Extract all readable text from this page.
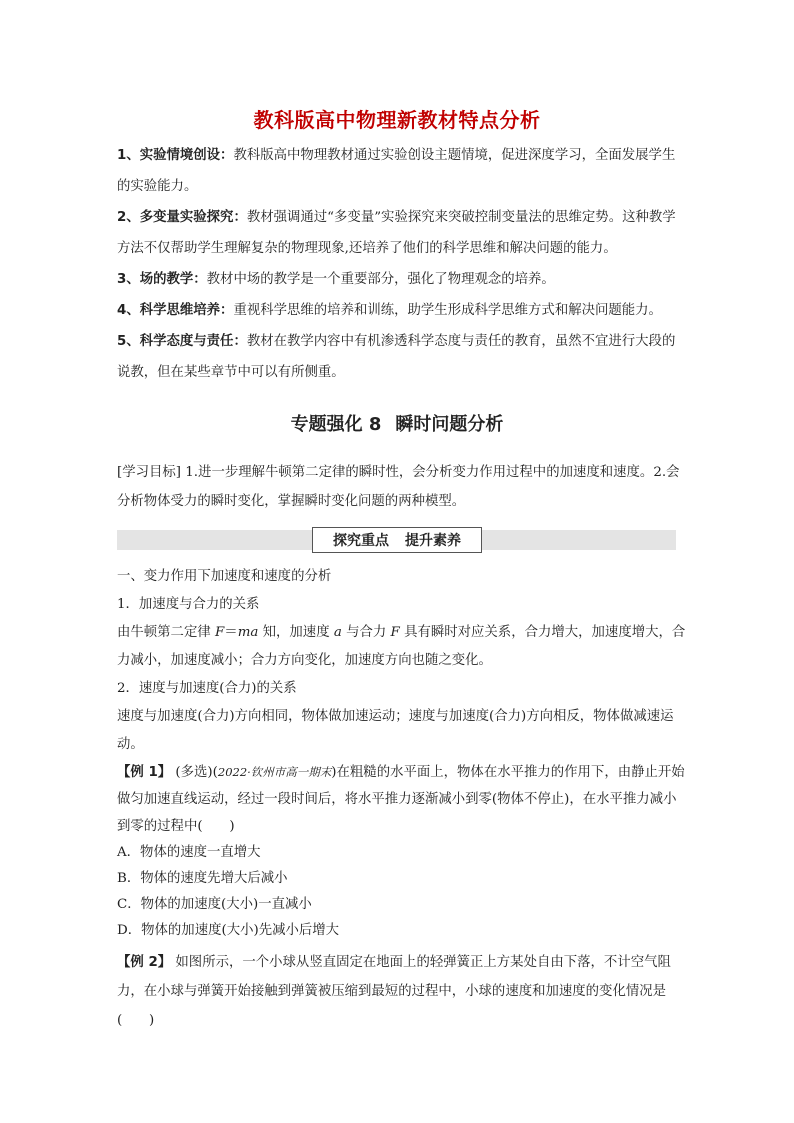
教科版高中物理新教材特点分析
1、实验情境创设：教科版高中物理教材通过实验创设主题情境，促进深度学习，全面发展学生的实验能力。
2、多变量实验探究：教材强调通过“多变量”实验探究来突破控制变量法的思维定势。这种教学方法不仅帮助学生理解复杂的物理现象,还培养了他们的科学思维和解决问题的能力。
3、场的教学：教材中场的教学是一个重要部分，强化了物理观念的培养。
4、科学思维培养：重视科学思维的培养和训练，助学生形成科学思维方式和解决问题能力。
5、科学态度与责任：教材在教学内容中有机渗透科学态度与责任的教育，虽然不宜进行大段的说教，但在某些章节中可以有所侧重。
专题强化 8 瞬时问题分析
[学习目标] 1.进一步理解牛顿第二定律的瞬时性，会分析变力作用过程中的加速度和速度。2.会分析物体受力的瞬时变化，掌握瞬时变化问题的两种模型。
探究重点	提升素养
一、变力作用下加速度和速度的分析
1．加速度与合力的关系
由牛顿第二定律 F＝ma 知，加速度 a 与合力 F 具有瞬时对应关系，合力增大，加速度增大，合力减小，加速度减小；合力方向变化，加速度方向也随之变化。
2．速度与加速度(合力)的关系
速度与加速度(合力)方向相同，物体做加速运动；速度与加速度(合力)方向相反，物体做减速运动。
【例 1】 (多选)(2022·钦州市高一期末)在粗糙的水平面上，物体在水平推力的作用下，由静止开始做匀加速直线运动，经过一段时间后，将水平推力逐渐减小到零(物体不停止)，在水平推力减小到零的过程中(　　)
A．物体的速度一直增大
B．物体的速度先增大后减小
C．物体的加速度(大小)一直减小
D．物体的加速度(大小)先减小后增大
【例 2】 如图所示，一个小球从竖直固定在地面上的轻弹簧正上方某处自由下落，不计空气阻力，在小球与弹簧开始接触到弹簧被压缩到最短的过程中，小球的速度和加速度的变化情况是(　　)
